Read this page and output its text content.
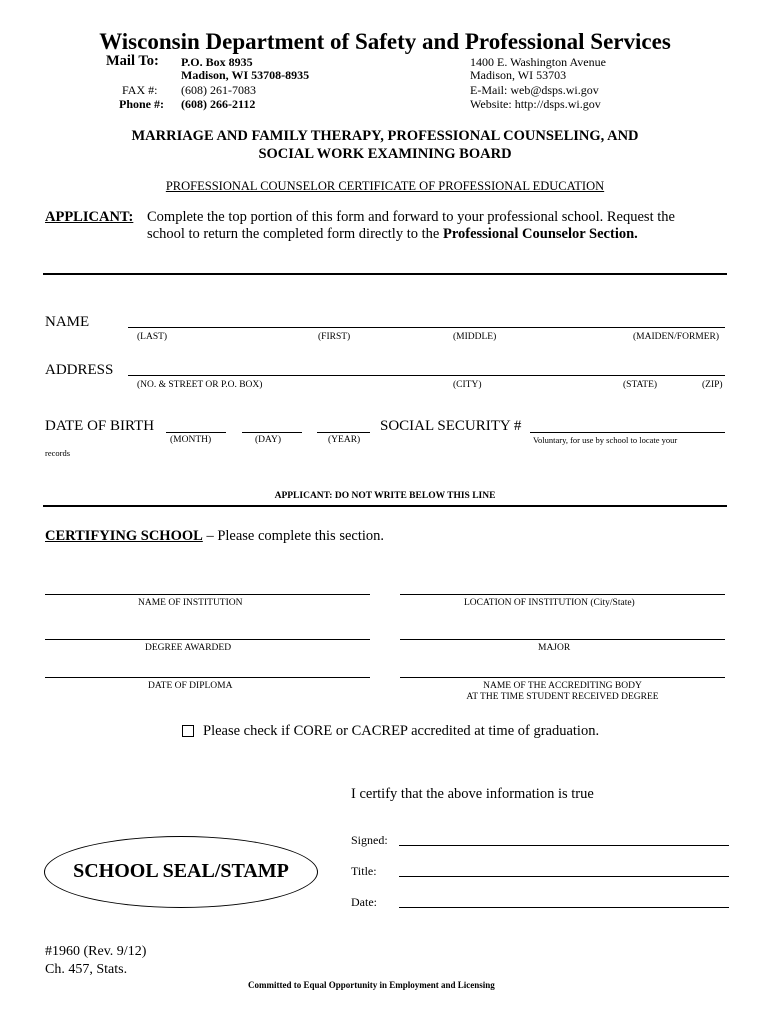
Wisconsin Department of Safety and Professional Services
Mail To: P.O. Box 8935
Madison, WI 53708-8935
FAX #: (608) 261-7083
Phone #: (608) 266-2112
1400 E. Washington Avenue
Madison, WI 53703
E-Mail: web@dsps.wi.gov
Website: http://dsps.wi.gov
MARRIAGE AND FAMILY THERAPY, PROFESSIONAL COUNSELING, AND
SOCIAL WORK EXAMINING BOARD
PROFESSIONAL COUNSELOR CERTIFICATE OF PROFESSIONAL EDUCATION
APPLICANT: Complete the top portion of this form and forward to your professional school. Request the
school to return the completed form directly to the Professional Counselor Section.
NAME
(LAST)	(FIRST)	(MIDDLE)	(MAIDEN/FORMER)
ADDRESS
(NO. & STREET OR P.O. BOX)	(CITY)	(STATE)	(ZIP)
DATE OF BIRTH
(MONTH)	(DAY)	(YEAR)
SOCIAL SECURITY #
Voluntary, for use by school to locate your
records
APPLICANT: DO NOT WRITE BELOW THIS LINE
CERTIFYING SCHOOL – Please complete this section.
NAME OF INSTITUTION	LOCATION OF INSTITUTION (City/State)
DEGREE AWARDED	MAJOR
DATE OF DIPLOMA	NAME OF THE ACCREDITING BODY
AT THE TIME STUDENT RECEIVED DEGREE
Please check if CORE or CACREP accredited at time of graduation.
I certify that the above information is true
Signed:
Title:
Date:
SCHOOL SEAL/STAMP
#1960 (Rev. 9/12)
Ch. 457, Stats.
Committed to Equal Opportunity in Employment and Licensing
